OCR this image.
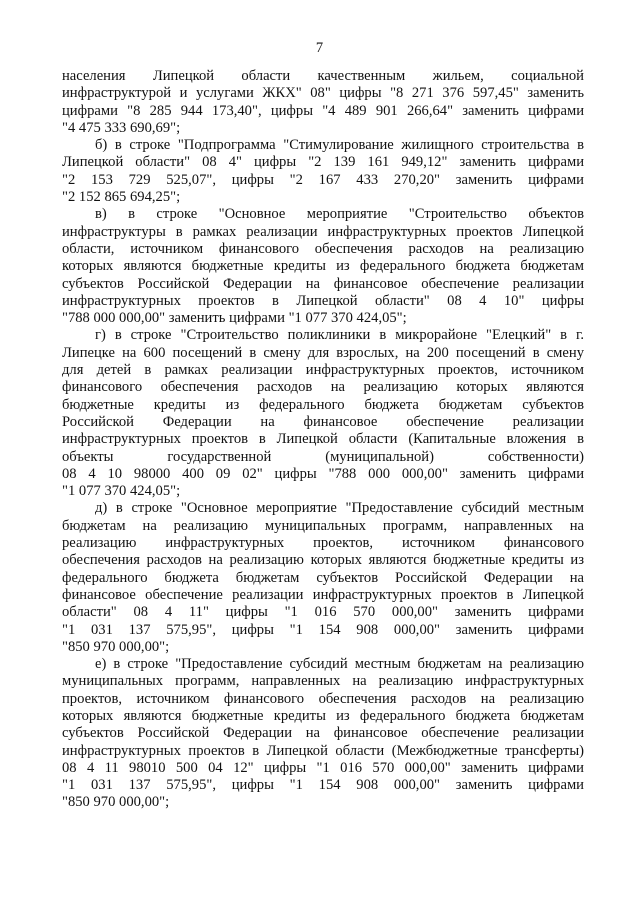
7
населения Липецкой области качественным жильем, социальной
инфраструктурой и услугами ЖКХ" 08" цифры "8 271 376 597,45" заменить
цифрами "8 285 944 173,40", цифры "4 489 901 266,64" заменить цифрами
"4 475 333 690,69";
б) в строке "Подпрограмма "Стимулирование жилищного строительства в
Липецкой области" 08 4" цифры "2 139 161 949,12" заменить цифрами
"2 153 729 525,07", цифры "2 167 433 270,20" заменить цифрами
"2 152 865 694,25";
в) в строке "Основное мероприятие "Строительство объектов
инфраструктуры в рамках реализации инфраструктурных проектов Липецкой
области, источником финансового обеспечения расходов на реализацию
которых являются бюджетные кредиты из федерального бюджета бюджетам
субъектов Российской Федерации на финансовое обеспечение реализации
инфраструктурных проектов в Липецкой области" 08 4 10" цифры
"788 000 000,00" заменить цифрами "1 077 370 424,05";
г) в строке "Строительство поликлиники в микрорайоне "Елецкий" в г.
Липецке на 600 посещений в смену для взрослых, на 200 посещений в смену
для детей в рамках реализации инфраструктурных проектов, источником
финансового обеспечения расходов на реализацию которых являются
бюджетные кредиты из федерального бюджета бюджетам субъектов
Российской Федерации на финансовое обеспечение реализации
инфраструктурных проектов в Липецкой области (Капитальные вложения в
объекты государственной (муниципальной) собственности)
08 4 10 98000 400 09 02" цифры "788 000 000,00" заменить цифрами
"1 077 370 424,05";
д) в строке "Основное мероприятие "Предоставление субсидий местным
бюджетам на реализацию муниципальных программ, направленных на
реализацию инфраструктурных проектов, источником финансового
обеспечения расходов на реализацию которых являются бюджетные кредиты из
федерального бюджета бюджетам субъектов Российской Федерации на
финансовое обеспечение реализации инфраструктурных проектов в Липецкой
области" 08 4 11" цифры "1 016 570 000,00" заменить цифрами
"1 031 137 575,95", цифры "1 154 908 000,00" заменить цифрами
"850 970 000,00";
е) в строке "Предоставление субсидий местным бюджетам на реализацию
муниципальных программ, направленных на реализацию инфраструктурных
проектов, источником финансового обеспечения расходов на реализацию
которых являются бюджетные кредиты из федерального бюджета бюджетам
субъектов Российской Федерации на финансовое обеспечение реализации
инфраструктурных проектов в Липецкой области (Межбюджетные трансферты)
08 4 11 98010 500 04 12" цифры "1 016 570 000,00" заменить цифрами
"1 031 137 575,95", цифры "1 154 908 000,00" заменить цифрами
"850 970 000,00";
